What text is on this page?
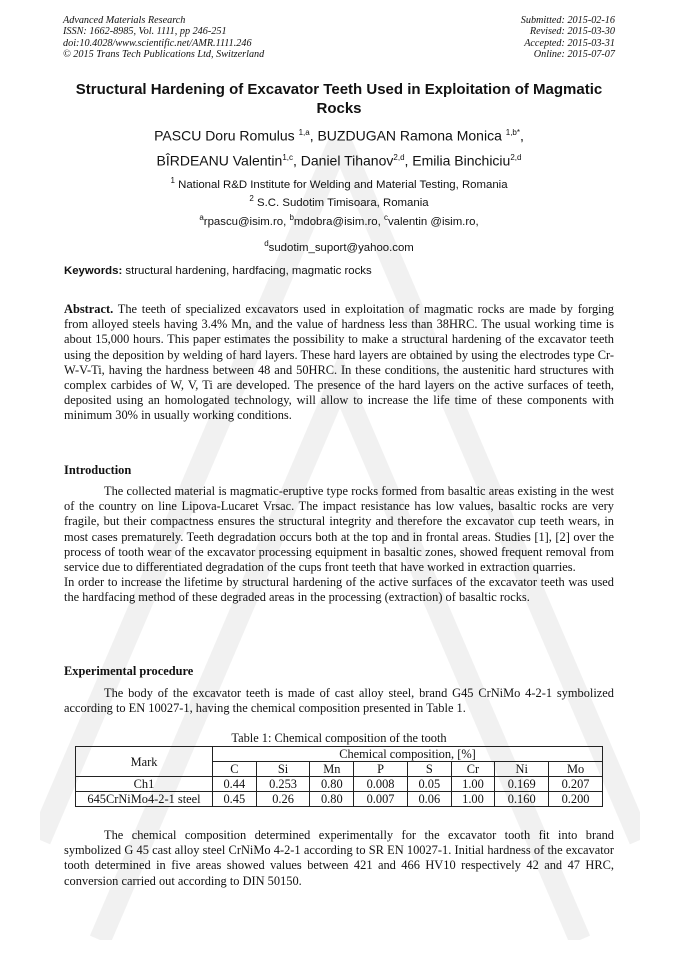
Advanced Materials Research
ISSN: 1662-8985, Vol. 1111, pp 246-251
doi:10.4028/www.scientific.net/AMR.1111.246
© 2015 Trans Tech Publications Ltd, Switzerland
Submitted: 2015-02-16
Revised: 2015-03-30
Accepted: 2015-03-31
Online: 2015-07-07
Structural Hardening of Excavator Teeth Used in Exploitation of Magmatic Rocks
PASCU Doru Romulus $^{1,a}$, BUZDUGAN Ramona Monica $^{1,b*}$,
BÎRDEANU Valentin$^{1,c}$, Daniel Tihanov$^{2,d}$, Emilia Binchiciu$^{2,d}$
$^1$ National R&D Institute for Welding and Material Testing, Romania
$^2$ S.C. Sudotim Timisoara, Romania
$^a$rpascu@isim.ro, $^b$mdobra@isim.ro, $^c$valentin @isim.ro,
$^d$sudotim_suport@yahoo.com
Keywords: structural hardening, hardfacing, magmatic rocks
Abstract. The teeth of specialized excavators used in exploitation of magmatic rocks are made by forging from alloyed steels having 3.4% Mn, and the value of hardness less than 38HRC. The usual working time is about 15,000 hours. This paper estimates the possibility to make a structural hardening of the excavator teeth using the deposition by welding of hard layers. These hard layers are obtained by using the electrodes type Cr-W-V-Ti, having the hardness between 48 and 50HRC. In these conditions, the austenitic hard structures with complex carbides of W, V, Ti are developed. The presence of the hard layers on the active surfaces of teeth, deposited using an homologated technology, will allow to increase the life time of these components with minimum 30% in usually working conditions.
Introduction
The collected material is magmatic-eruptive type rocks formed from basaltic areas existing in the west of the country on line Lipova-Lucaret Vrsac. The impact resistance has low values, basaltic rocks are very fragile, but their compactness ensures the structural integrity and therefore the excavator cup teeth wears, in most cases prematurely. Teeth degradation occurs both at the top and in frontal areas. Studies [1], [2] over the process of tooth wear of the excavator processing equipment in basaltic zones, showed frequent removal from service due to differentiated degradation of the cups front teeth that have worked in extraction quarries.
In order to increase the lifetime by structural hardening of the active surfaces of the excavator teeth was used the hardfacing method of these degraded areas in the processing (extraction) of basaltic rocks.
Experimental procedure
The body of the excavator teeth is made of cast alloy steel, brand G45 CrNiMo 4-2-1 symbolized according to EN 10027-1, having the chemical composition presented in Table 1.
Table 1: Chemical composition of the tooth
Mark	Chemical composition, [%]							
	C	Si	Mn	P	S	Cr	Ni	Mo
Ch1	0.44	0.253	0.80	0.008	0.05	1.00	0.169	0.207
645CrNiMo4-2-1 steel	0.45	0.26	0.80	0.007	0.06	1.00	0.160	0.200
The chemical composition determined experimentally for the excavator tooth fit into brand symbolized G 45 cast alloy steel CrNiMo 4-2-1 according to SR EN 10027-1. Initial hardness of the excavator tooth determined in five areas showed values between 421 and 466 HV10 respectively 42 and 47 HRC, conversion carried out according to DIN 50150.
